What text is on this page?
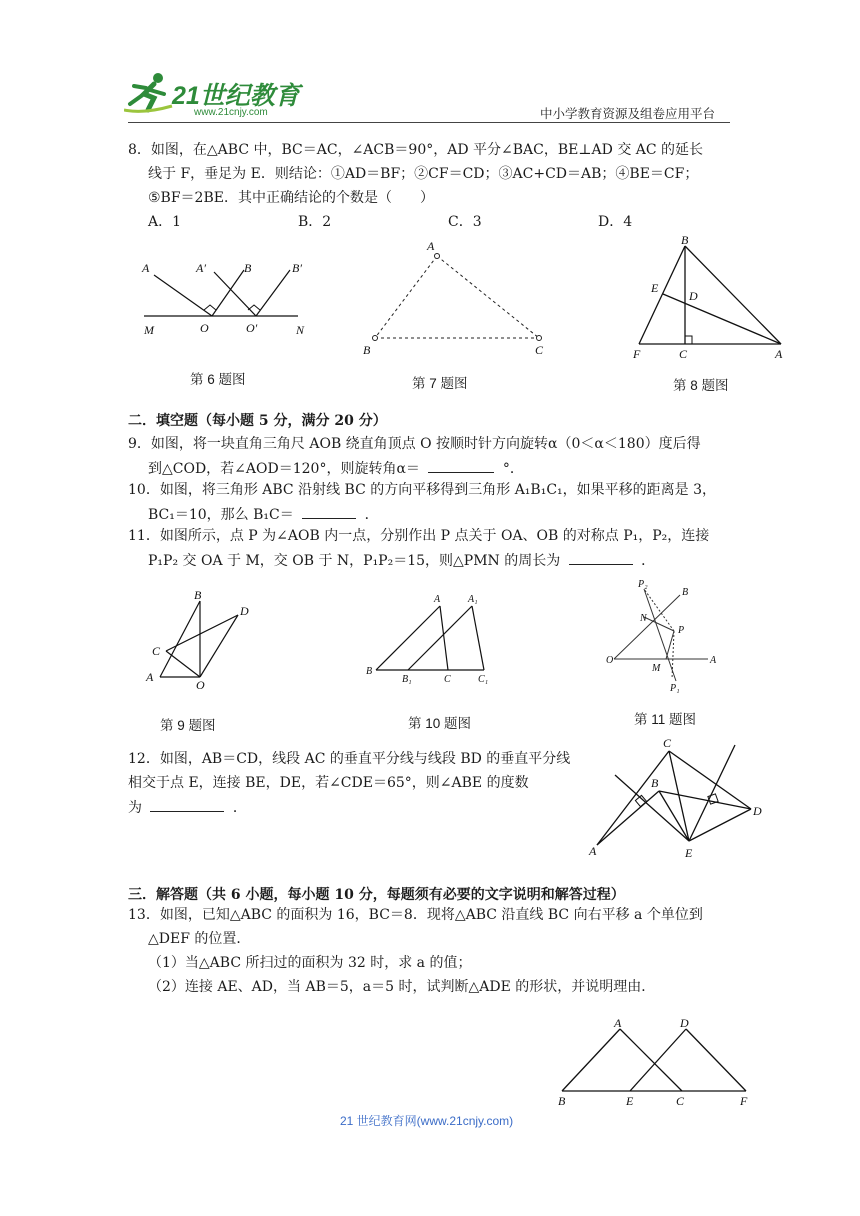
21世纪教育
www.21cnjy.com	中小学教育资源及组卷应用平台
8．如图，在△ABC 中，BC＝AC，∠ACB＝90°，AD 平分∠BAC，BE⊥AD 交 AC 的延长
线于 F，垂足为 E．则结论：①AD＝BF；②CF＝CD；③AC+CD＝AB；④BE＝CF；
⑤BF＝2BE．其中正确结论的个数是（　　）
A．1	B．2	C．3	D．4
A	A′	B	B′
M	O	O′	N
第 6 题图
A
B	C
第 7 题图
B
E
D
F	C	A
第 8 题图
二．填空题（每小题 5 分，满分 20 分）
9．如图，将一块直角三角尺 AOB 绕直角顶点 O 按顺时针方向旋转α（0＜α＜180）度后得
到△COD，若∠AOD＝120°，则旋转角α＝	°．
10．如图，将三角形 ABC 沿射线 BC 的方向平移得到三角形 A₁B₁C₁，如果平移的距离是 3，
BC₁＝10，那么 B₁C＝	．
11．如图所示，点 P 为∠AOB 内一点，分别作出 P 点关于 OA、OB 的对称点 P₁，P₂，连接
P₁P₂ 交 OA 于 M，交 OB 于 N，P₁P₂＝15，则△PMN 的周长为	．
B
D
C
A
O
第 9 题图
A	A₁
B
B₁	C	C₁
第 10 题图
P₂
B
N
P
O
M
A
P₁
第 11 题图
12．如图，AB＝CD，线段 AC 的垂直平分线与线段 BD 的垂直平分线
相交于点 E，连接 BE，DE，若∠CDE＝65°，则∠ABE 的度数
为	．
C
B
D
A	E
三．解答题（共 6 小题，每小题 10 分，每题须有必要的文字说明和解答过程）
13．如图，已知△ABC 的面积为 16，BC＝8．现将△ABC 沿直线 BC 向右平移 a 个单位到
△DEF 的位置．
（1）当△ABC 所扫过的面积为 32 时，求 a 的值；
（2）连接 AE、AD，当 AB＝5，a＝5 时，试判断△ADE 的形状，并说明理由．
A	D
B	E	C	F
21 世纪教育网(www.21cnjy.com)
